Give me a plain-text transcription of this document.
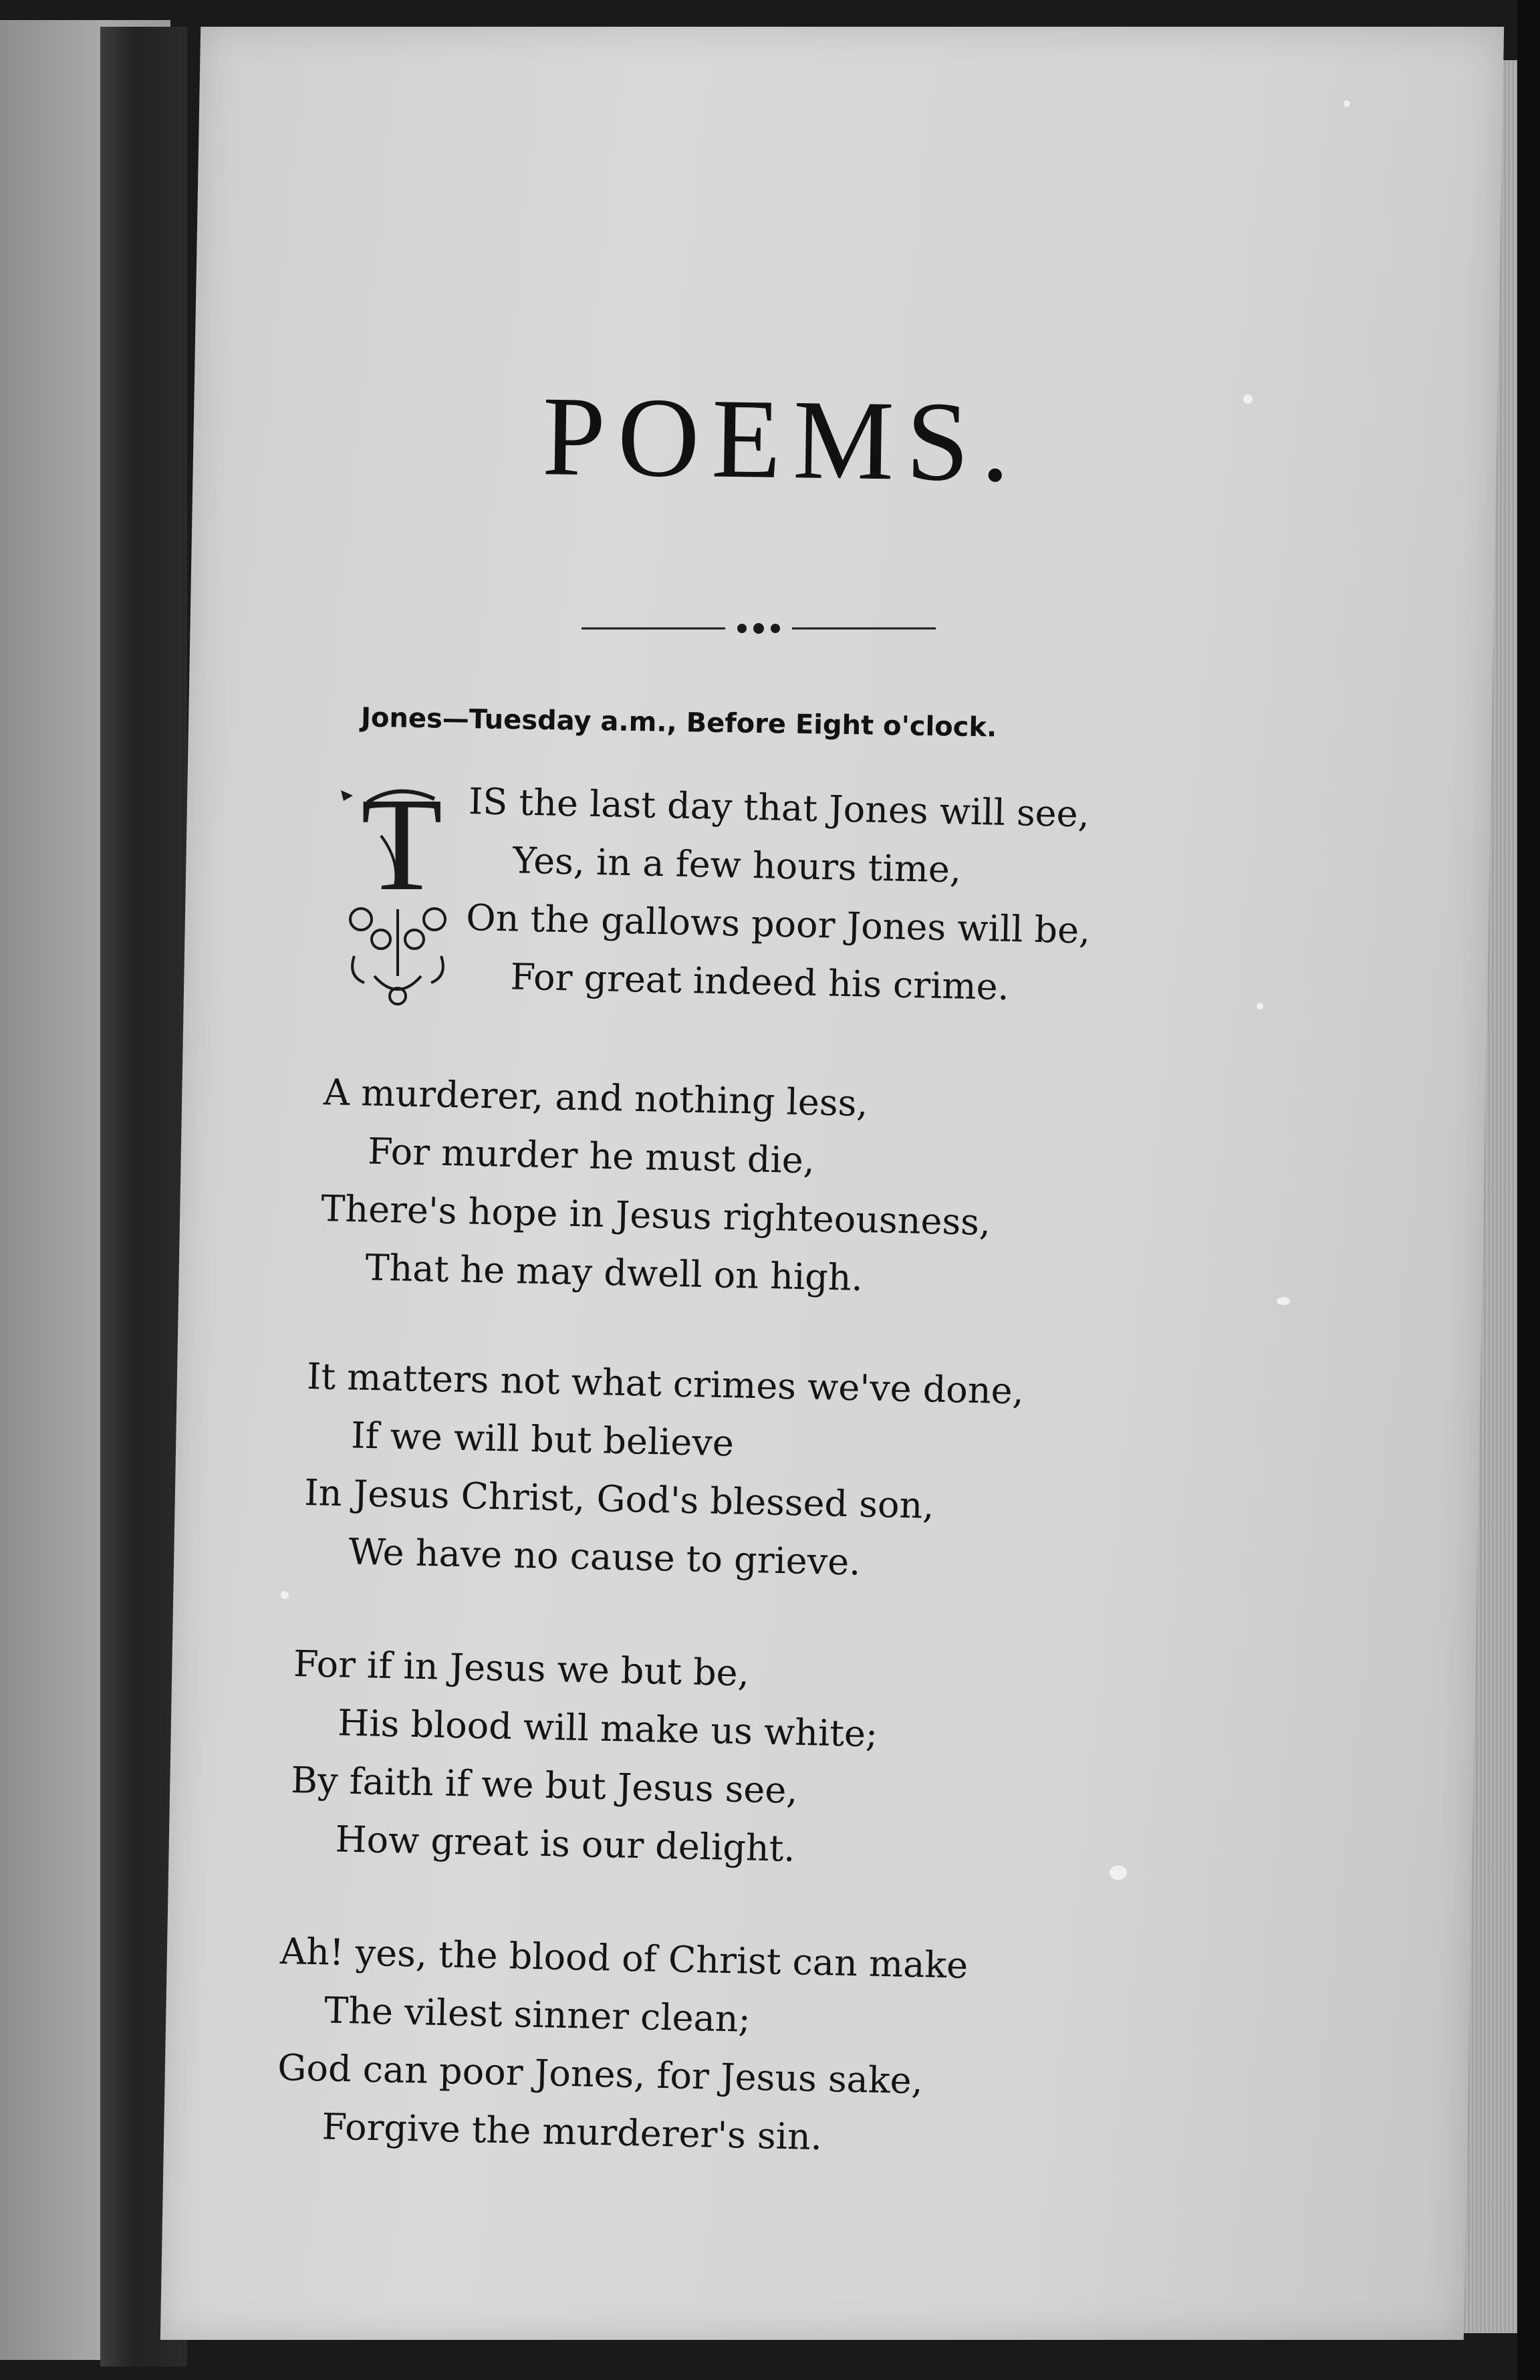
POEMS.
Jones—Tuesday a.m., Before Eight o'clock.
T IS the last day that Jones will see,
Yes, in a few hours time,
On the gallows poor Jones will be,
For great indeed his crime.
A murderer, and nothing less,
For murder he must die,
There's hope in Jesus righteousness,
That he may dwell on high.
It matters not what crimes we've done,
If we will but believe
In Jesus Christ, God's blessed son,
We have no cause to grieve.
For if in Jesus we but be,
His blood will make us white;
By faith if we but Jesus see,
How great is our delight.
Ah! yes, the blood of Christ can make
The vilest sinner clean;
God can poor Jones, for Jesus sake,
Forgive the murderer's sin.
